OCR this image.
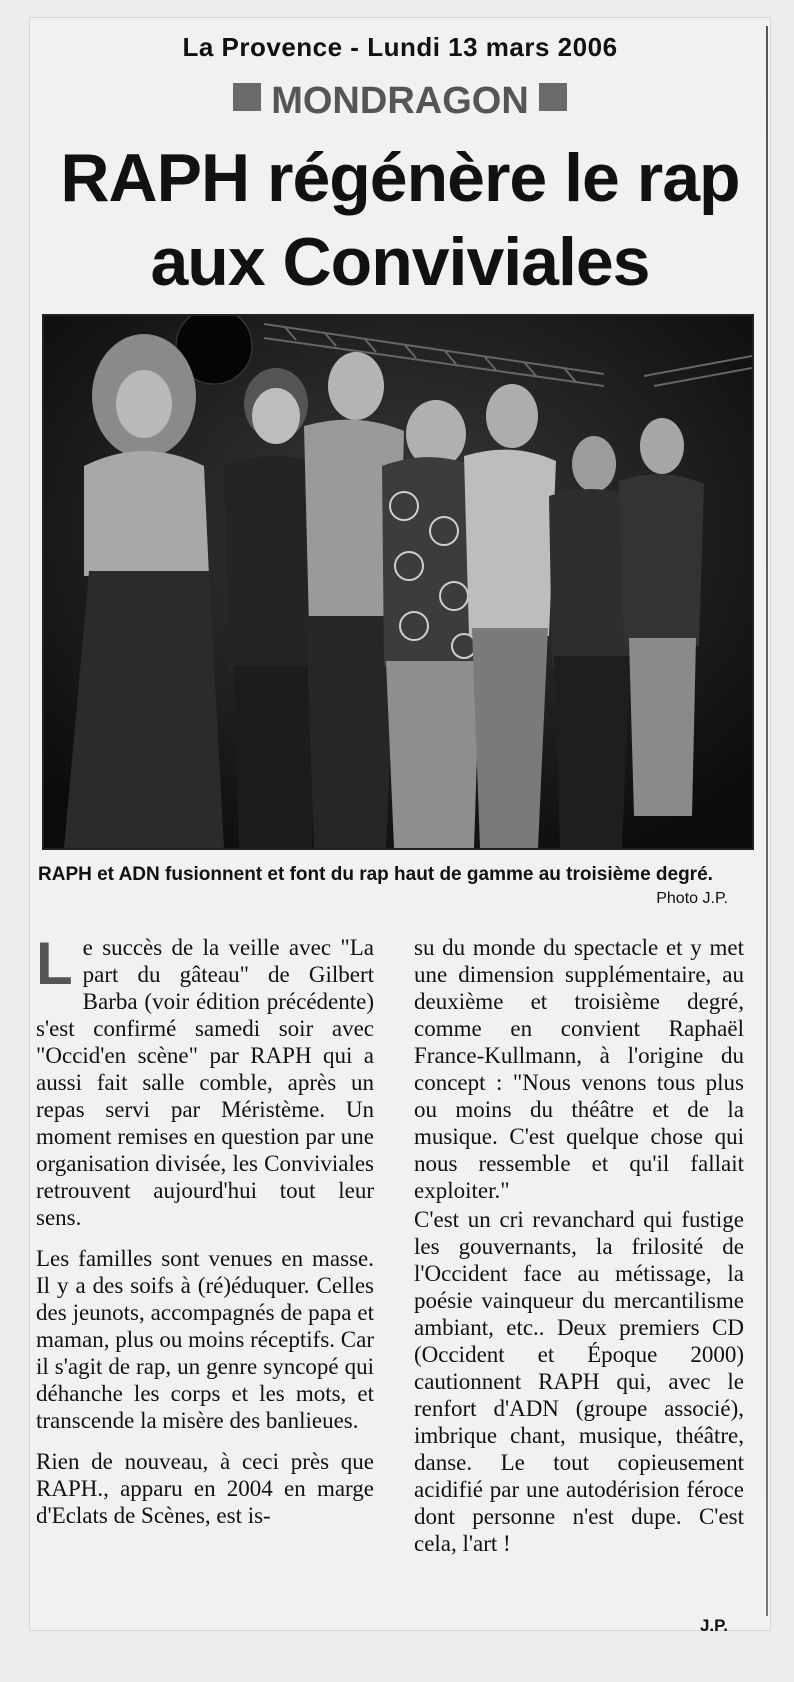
La Provence - Lundi 13 mars 2006
MONDRAGON
RAPH régénère le rap
aux Conviviales
RAPH et ADN fusionnent et font du rap haut de gamme au troisième degré.
Photo J.P.

Le succès de la veille avec "La part du gâteau" de Gilbert Barba (voir édition précédente) s'est confirmé samedi soir avec "Occid'en scène" par RAPH qui a aussi fait salle comble, après un repas servi par Méristème. Un moment remises en question par une organisation divisée, les Conviviales retrouvent aujourd'hui tout leur sens.

Les familles sont venues en masse. Il y a des soifs à (ré)éduquer. Celles des jeunots, accompagnés de papa et maman, plus ou moins réceptifs. Car il s'agit de rap, un genre syncopé qui déhanche les corps et les mots, et transcende la misère des banlieues.

Rien de nouveau, à ceci près que RAPH., apparu en 2004 en marge d'Eclats de Scènes, est is-

su du monde du spectacle et y met une dimension supplémentaire, au deuxième et troisième degré, comme en convient Raphaël France-Kullmann, à l'origine du concept : "Nous venons tous plus ou moins du théâtre et de la musique. C'est quelque chose qui nous ressemble et qu'il fallait exploiter."

C'est un cri revanchard qui fustige les gouvernants, la frilosité de l'Occident face au métissage, la poésie vainqueur du mercantilisme ambiant, etc.. Deux premiers CD (Occident et Époque 2000) cautionnent RAPH qui, avec le renfort d'ADN (groupe associé), imbrique chant, musique, théâtre, danse. Le tout copieusement acidifié par une autodérision féroce dont personne n'est dupe. C'est cela, l'art !

J.P.
